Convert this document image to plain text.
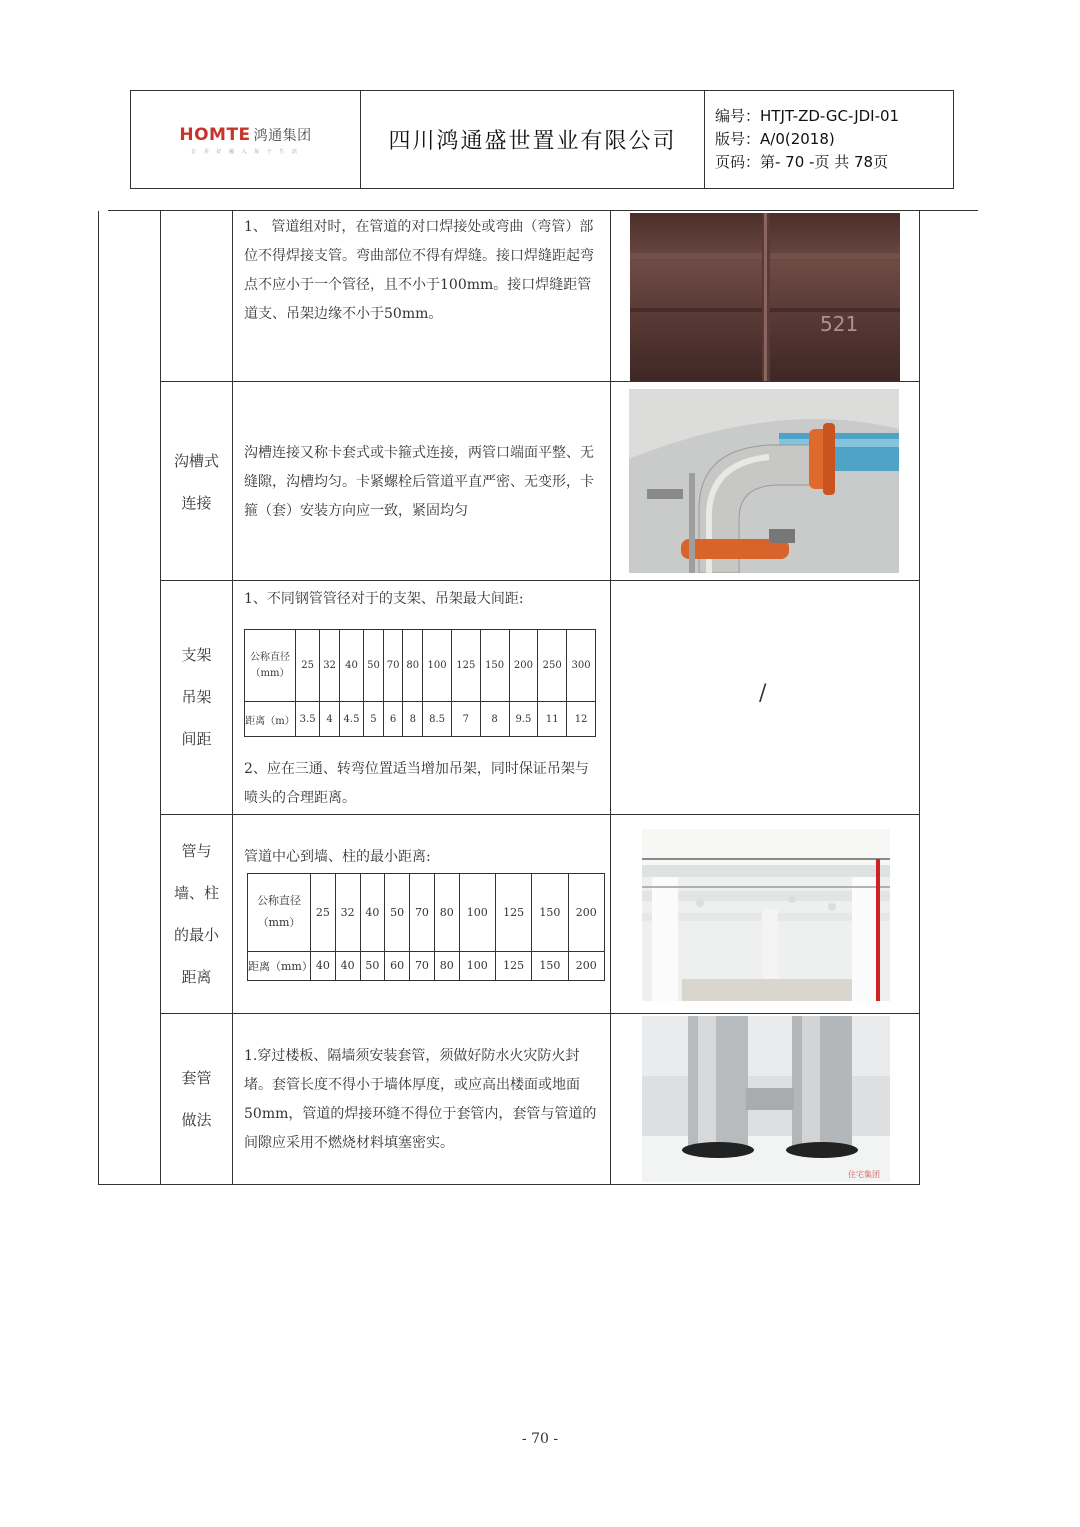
HOMTE 鸿通集团
让 美 好 融 入 每 个 生 活	四川鸿通盛世置业有限公司
编号：HTJT-ZD-GC-JDⅠ-01
版号：A/0(2018)
页码：第- 70 -页 共 78页
1、 管道组对时，在管道的对口焊接处或弯曲（弯管）部位不得焊接支管。弯曲部位不得有焊缝。接口焊缝距起弯点不应小于一个管径，且不小于100mm。接口焊缝距管道支、吊架边缘不小于50mm。	521
沟槽式
连接
沟槽连接又称卡套式或卡箍式连接，两管口端面平整、无缝隙，沟槽均匀。卡紧螺栓后管道平直严密、无变形，卡箍（套）安装方向应一致，紧固均匀
支架
吊架
间距
1、不同钢管管径对于的支架、吊架最大间距:
公称直径（mm）	25	32	40	50	70	80	100	125	150	200	250	300
距离（m）	3.5	4	4.5	5	6	8	8.5	7	8	9.5	11	12
2、应在三通、转弯位置适当增加吊架，同时保证吊架与喷头的合理距离。
/
管与
墙、柱
的最小
距离
管道中心到墙、柱的最小距离:
公称直径（mm）	25	32	40	50	70	80	100	125	150	200
距离（mm）	40	40	50	60	70	80	100	125	150	200
套管
做法
1.穿过楼板、隔墙须安装套管，须做好防水火灾防火封堵。套管长度不得小于墙体厚度，或应高出楼面或地面 50mm，管道的焊接环缝不得位于套管内，套管与管道的间隙应采用不燃烧材料填塞密实。
住宅集团
- 70 -
